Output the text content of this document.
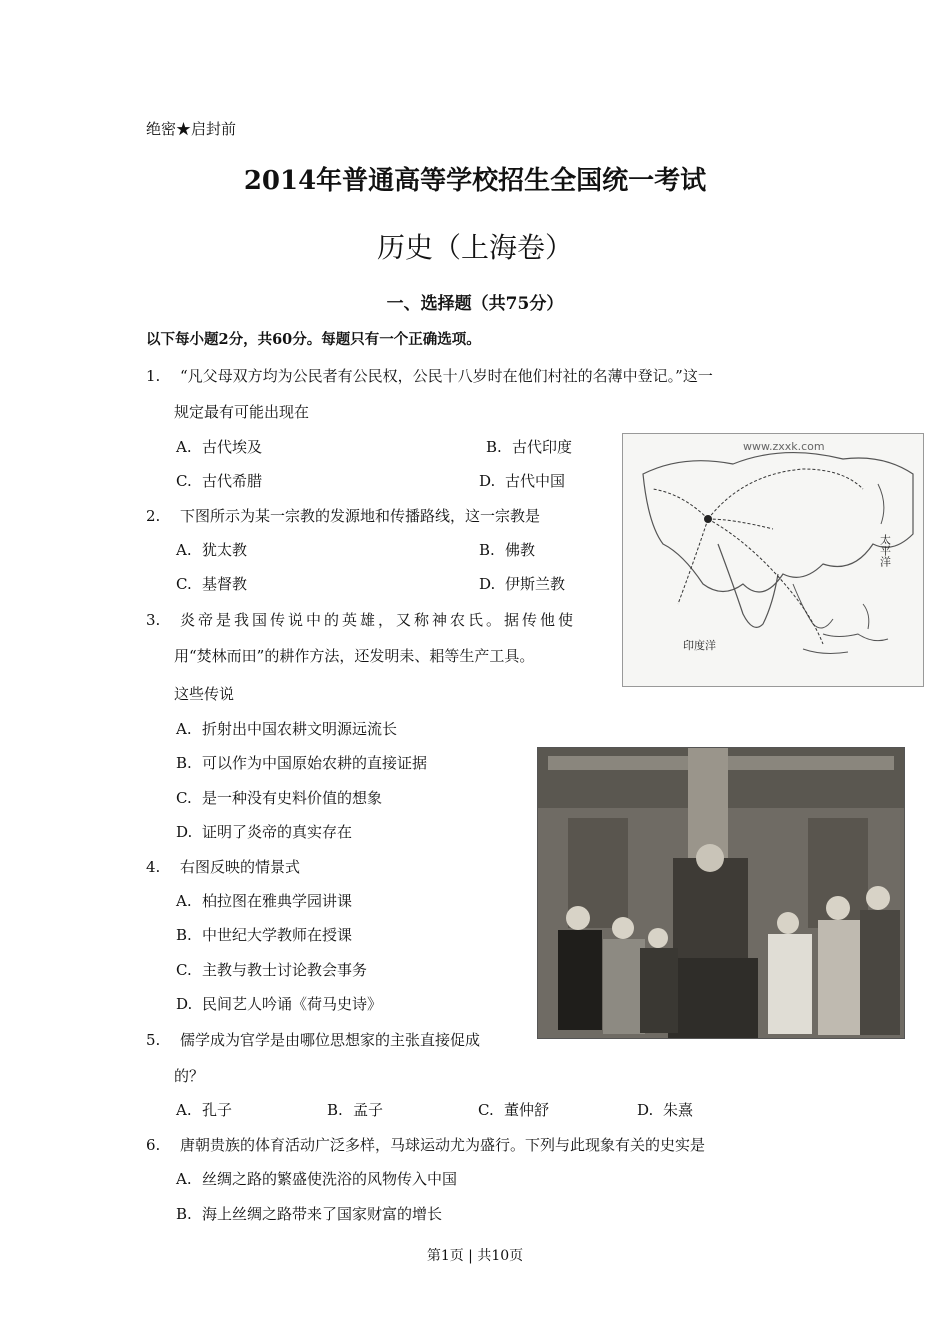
绝密★启封前
2014年普通高等学校招生全国统一考试
历史（上海卷）
一、选择题（共75分）
以下每小题2分，共60分。每题只有一个正确选项。
1. “凡父母双方均为公民者有公民权，公民十八岁时在他们村社的名薄中登记。”这一
规定最有可能出现在
A. 古代埃及	B. 古代印度
C. 古代希腊	D. 古代中国
2. 下图所示为某一宗教的发源地和传播路线，这一宗教是
A. 犹太教	B. 佛教
C. 基督教	D. 伊斯兰教
www.zxxk.com
太平洋
印度洋
3. 炎帝是我国传说中的英雄，又称神农氏。据传他使
用“焚林而田”的耕作方法，还发明耒、耜等生产工具。
这些传说
A. 折射出中国农耕文明源远流长
B. 可以作为中国原始农耕的直接证据
C. 是一种没有史料价值的想象
D. 证明了炎帝的真实存在
4. 右图反映的情景式
A. 柏拉图在雅典学园讲课
B. 中世纪大学教师在授课
C. 主教与教士讨论教会事务
D. 民间艺人吟诵《荷马史诗》
5. 儒学成为官学是由哪位思想家的主张直接促成
的？
A. 孔子	B. 孟子	C. 董仲舒	D. 朱熹
6. 唐朝贵族的体育活动广泛多样，马球运动尤为盛行。下列与此现象有关的史实是
A. 丝绸之路的繁盛使洗浴的风物传入中国
B. 海上丝绸之路带来了国家财富的增长
第1页 | 共10页
